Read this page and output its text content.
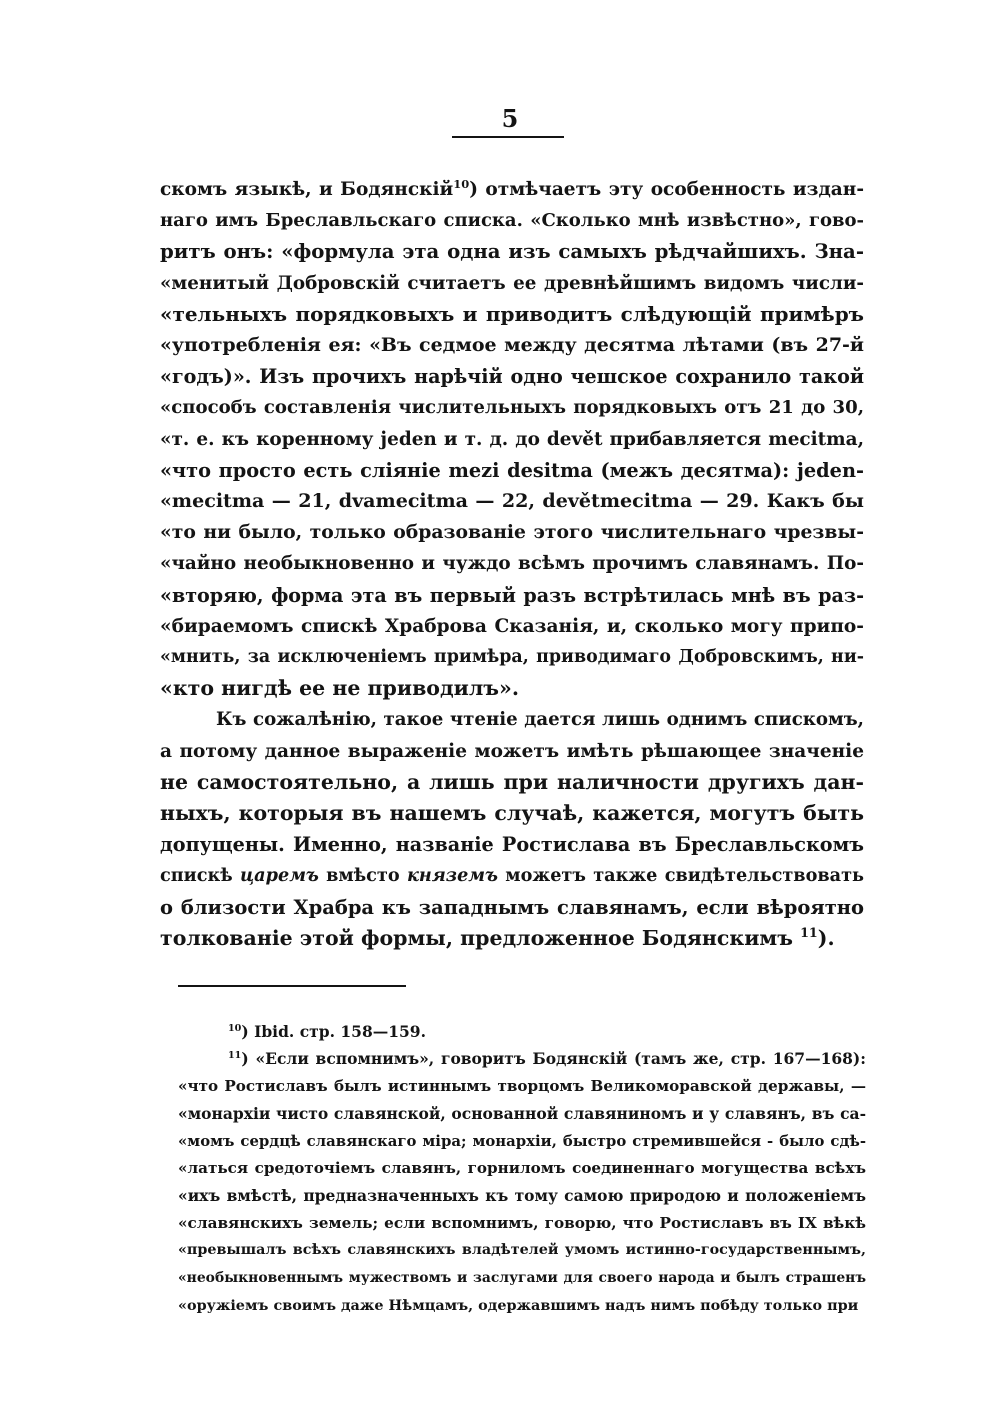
5
скомъ языкѣ, и Бодянскій$^{10}$) отмѣчаетъ эту особенность издан-
наго имъ Бреславльскаго списка. «Сколько мнѣ извѣстно», гово-
ритъ онъ: «формула эта одна изъ самыхъ рѣдчайшихъ. Зна-
«менитый Добровскій считаетъ ее древнѣйшимъ видомъ числи-
«тельныхъ порядковыхъ и приводитъ слѣдующій примѣръ
«употребленія ея: «Въ седмое между десятма лѣтами (въ 27-й
«годъ)». Изъ прочихъ нарѣчій одно чешское сохранило такой
«способъ составленія числительныхъ порядковыхъ отъ 21 до 30,
«т. е. къ коренному jeden и т. д. до devět прибавляется mecitma,
«что просто есть сліяніе mezi desitma (межъ десятма): jeden-
«mecitma — 21, dvamecitma — 22, devětmecitma — 29. Какъ бы
«то ни было, только образованіе этого числительнаго чрезвы-
«чайно необыкновенно и чуждо всѣмъ прочимъ славянамъ. По-
«вторяю, форма эта въ первый разъ встрѣтилась мнѣ въ раз-
«бираемомъ спискѣ Храброва Сказанія, и, сколько могу припо-
«мнить, за исключеніемъ примѣра, приводимаго Добровскимъ, ни-
«кто нигдѣ ее не приводилъ».
Къ сожалѣнію, такое чтеніе дается лишь однимъ спискомъ,
а потому данное выраженіе можетъ имѣть рѣшающее значеніе
не самостоятельно, а лишь при наличности другихъ дан-
ныхъ, которыя въ нашемъ случаѣ, кажется, могутъ быть
допущены. Именно, названіе Ростислава въ Бреславльскомъ
спискѣ царемъ вмѣсто княземъ можетъ также свидѣтельствовать
о близости Храбра къ западнымъ славянамъ, если вѣроятно
толкованіе этой формы, предложенное Бодянскимъ $^{11}$).
$^{10}$) Ibid. стр. 158—159.
$^{11}$) «Если вспомнимъ», говоритъ Бодянскій (тамъ же, стр. 167—168):
«что Ростиславъ былъ истиннымъ творцомъ Великоморавской державы, —
«монархіи чисто славянской, основанной славяниномъ и у славянъ, въ са-
«момъ сердцѣ славянскаго міра; монархіи, быстро стремившейся - было сдѣ-
«латься средоточіемъ славянъ, горниломъ соединеннаго могущества всѣхъ
«ихъ вмѣстѣ, предназначенныхъ къ тому самою природою и положеніемъ
«славянскихъ земель; если вспомнимъ, говорю, что Ростиславъ въ IX вѣкѣ
«превышалъ всѣхъ славянскихъ владѣтелей умомъ истинно-государственнымъ,
«необыкновеннымъ мужествомъ и заслугами для своего народа и былъ страшенъ
«оружіемъ своимъ даже Нѣмцамъ, одержавшимъ надъ нимъ побѣду только при
